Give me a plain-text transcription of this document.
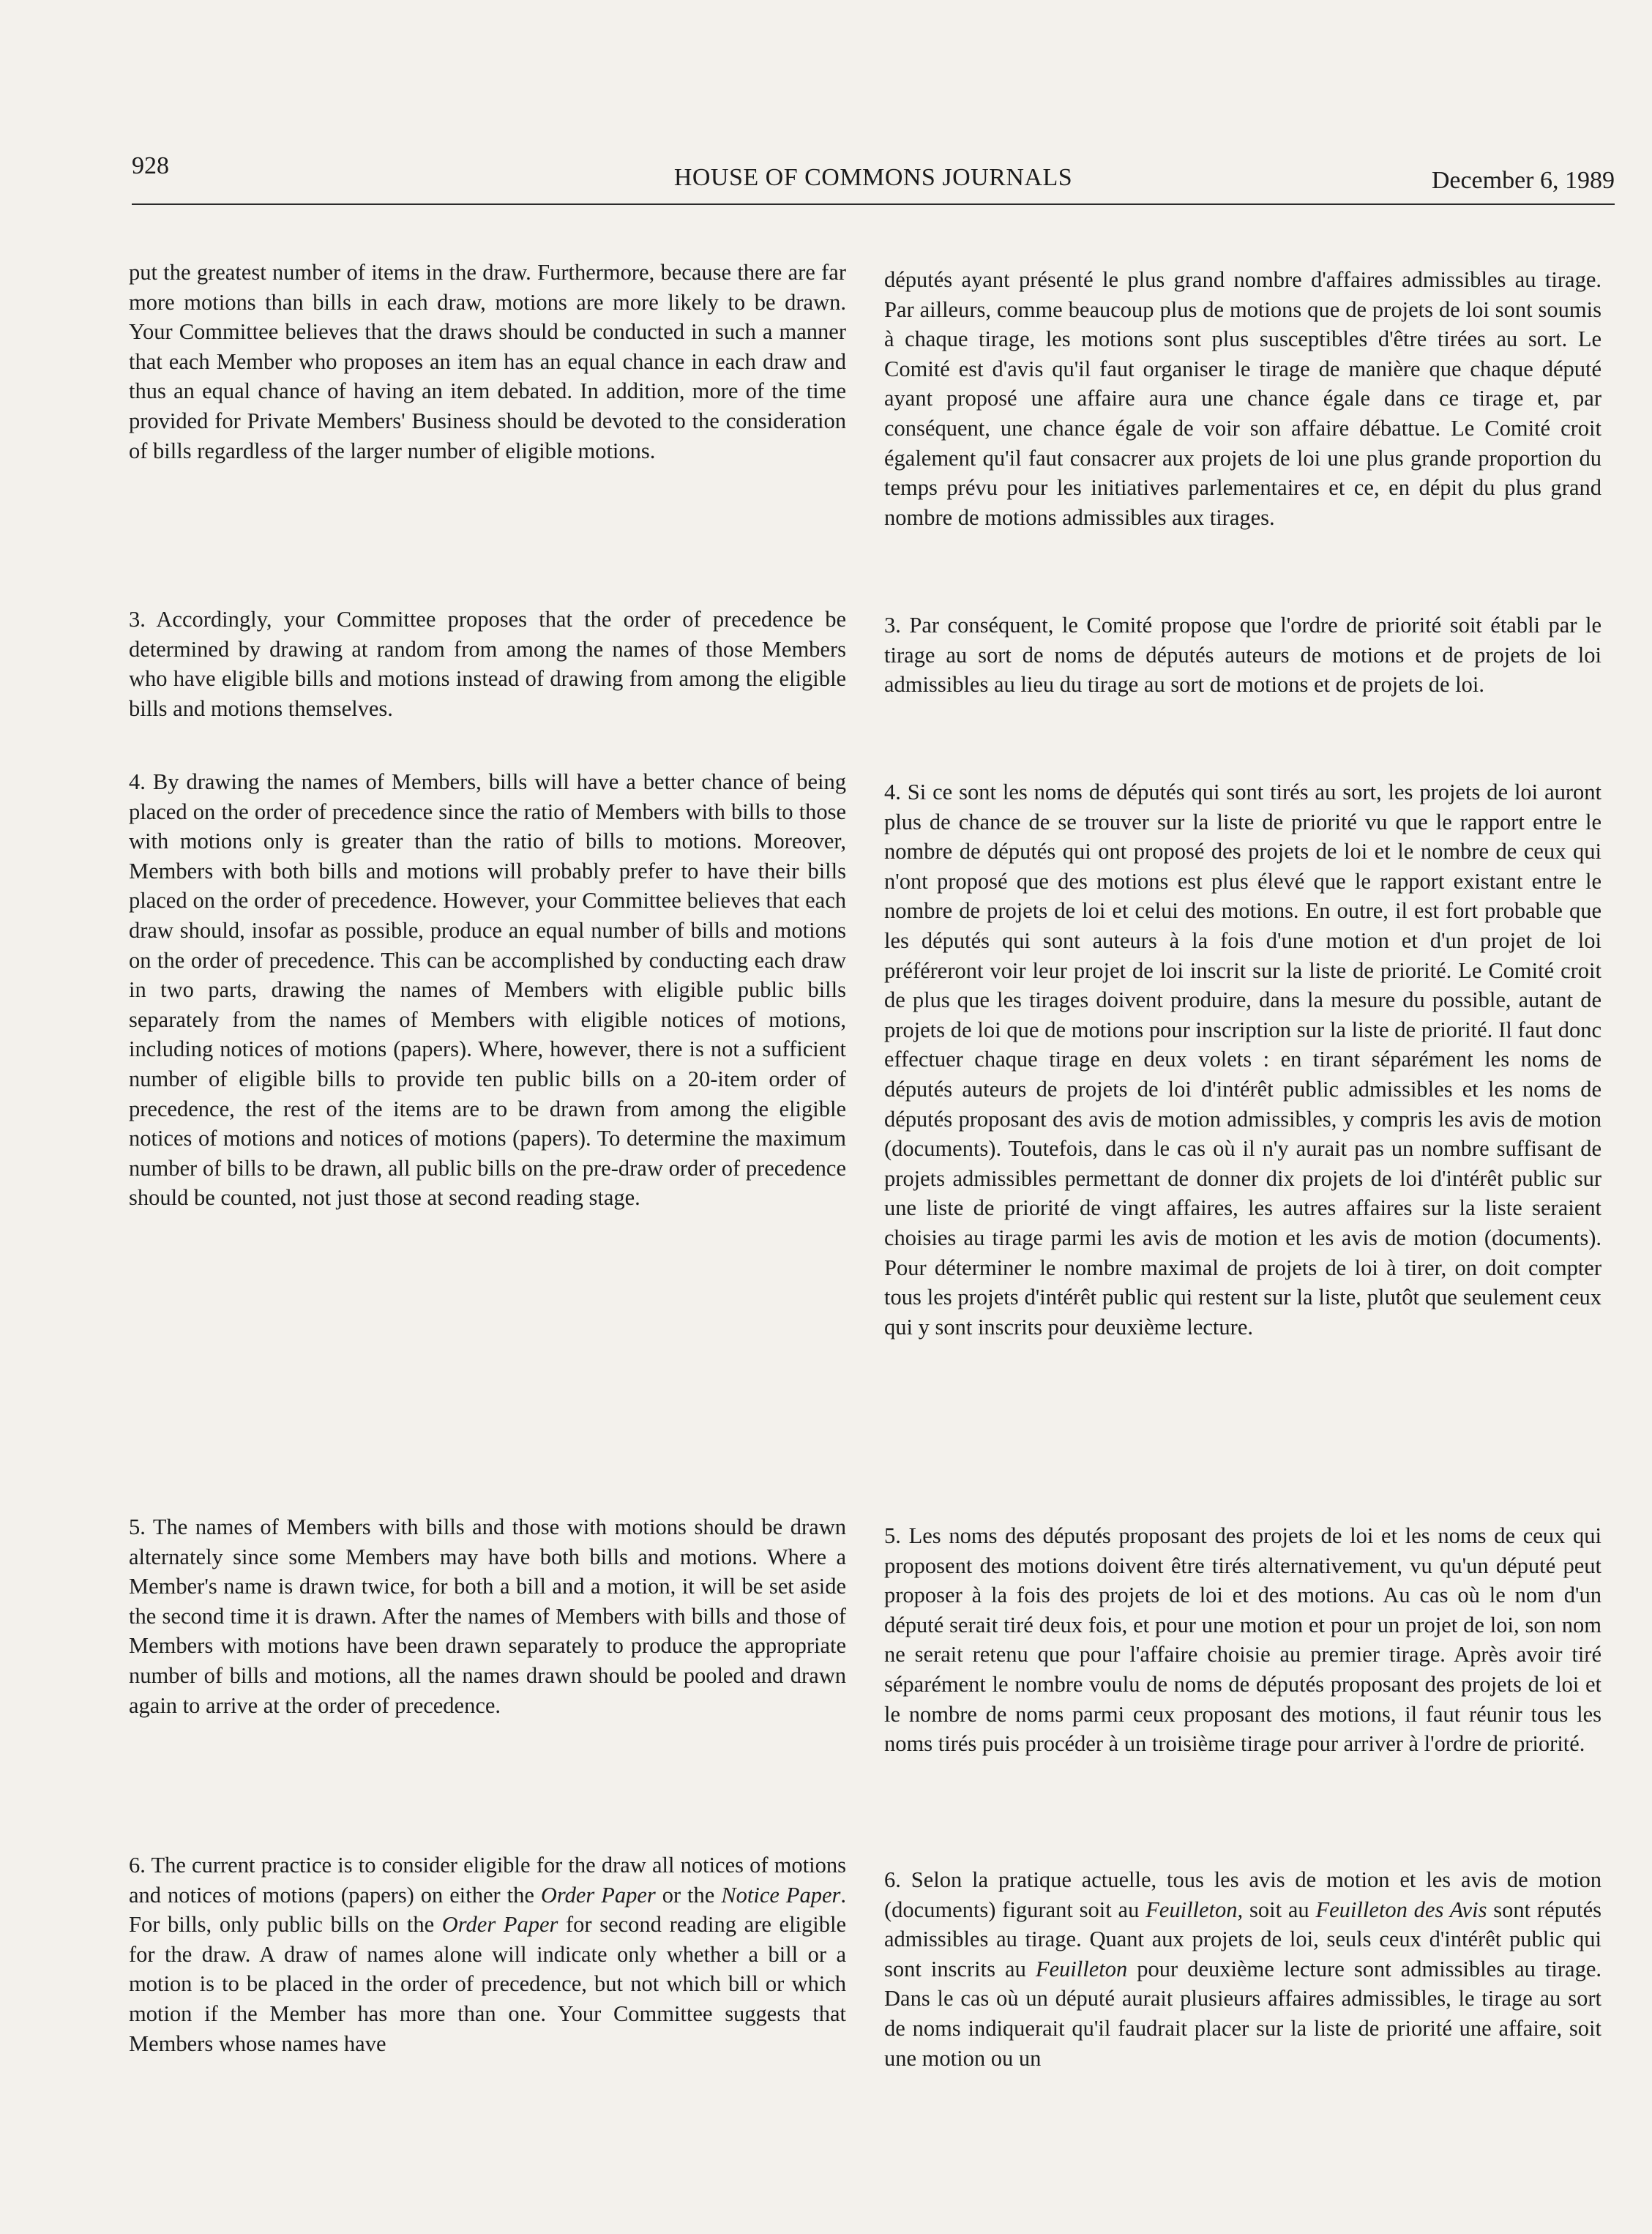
928	HOUSE OF COMMONS JOURNALS	December 6, 1989

put the greatest number of items in the draw. Furthermore, because there are far more motions than bills in each draw, motions are more likely to be drawn. Your Committee believes that the draws should be conducted in such a manner that each Member who proposes an item has an equal chance in each draw and thus an equal chance of having an item debated. In addition, more of the time provided for Private Members' Business should be devoted to the consideration of bills regardless of the larger number of eligible motions.

3. Accordingly, your Committee proposes that the order of precedence be determined by drawing at random from among the names of those Members who have eligible bills and motions instead of drawing from among the eligible bills and motions themselves.

4. By drawing the names of Members, bills will have a better chance of being placed on the order of precedence since the ratio of Members with bills to those with motions only is greater than the ratio of bills to motions. Moreover, Members with both bills and motions will probably prefer to have their bills placed on the order of precedence. However, your Committee believes that each draw should, insofar as possible, produce an equal number of bills and motions on the order of precedence. This can be accomplished by conducting each draw in two parts, drawing the names of Members with eligible public bills separately from the names of Members with eligible notices of motions, including notices of motions (papers). Where, however, there is not a sufficient number of eligible bills to provide ten public bills on a 20-item order of precedence, the rest of the items are to be drawn from among the eligible notices of motions and notices of motions (papers). To determine the maximum number of bills to be drawn, all public bills on the pre-draw order of precedence should be counted, not just those at second reading stage.

5. The names of Members with bills and those with motions should be drawn alternately since some Members may have both bills and motions. Where a Member's name is drawn twice, for both a bill and a motion, it will be set aside the second time it is drawn. After the names of Members with bills and those of Members with motions have been drawn separately to produce the appropriate number of bills and motions, all the names drawn should be pooled and drawn again to arrive at the order of precedence.

6. The current practice is to consider eligible for the draw all notices of motions and notices of motions (papers) on either the Order Paper or the Notice Paper. For bills, only public bills on the Order Paper for second reading are eligible for the draw. A draw of names alone will indicate only whether a bill or a motion is to be placed in the order of precedence, but not which bill or which motion if the Member has more than one. Your Committee suggests that Members whose names have

députés ayant présenté le plus grand nombre d'affaires admissibles au tirage. Par ailleurs, comme beaucoup plus de motions que de projets de loi sont soumis à chaque tirage, les motions sont plus susceptibles d'être tirées au sort. Le Comité est d'avis qu'il faut organiser le tirage de manière que chaque député ayant proposé une affaire aura une chance égale dans ce tirage et, par conséquent, une chance égale de voir son affaire débattue. Le Comité croit également qu'il faut consacrer aux projets de loi une plus grande proportion du temps prévu pour les initiatives parlementaires et ce, en dépit du plus grand nombre de motions admissibles aux tirages.

3. Par conséquent, le Comité propose que l'ordre de priorité soit établi par le tirage au sort de noms de députés auteurs de motions et de projets de loi admissibles au lieu du tirage au sort de motions et de projets de loi.

4. Si ce sont les noms de députés qui sont tirés au sort, les projets de loi auront plus de chance de se trouver sur la liste de priorité vu que le rapport entre le nombre de députés qui ont proposé des projets de loi et le nombre de ceux qui n'ont proposé que des motions est plus élevé que le rapport existant entre le nombre de projets de loi et celui des motions. En outre, il est fort probable que les députés qui sont auteurs à la fois d'une motion et d'un projet de loi préféreront voir leur projet de loi inscrit sur la liste de priorité. Le Comité croit de plus que les tirages doivent produire, dans la mesure du possible, autant de projets de loi que de motions pour inscription sur la liste de priorité. Il faut donc effectuer chaque tirage en deux volets : en tirant séparément les noms de députés auteurs de projets de loi d'intérêt public admissibles et les noms de députés proposant des avis de motion admissibles, y compris les avis de motion (documents). Toutefois, dans le cas où il n'y aurait pas un nombre suffisant de projets admissibles permettant de donner dix projets de loi d'intérêt public sur une liste de priorité de vingt affaires, les autres affaires sur la liste seraient choisies au tirage parmi les avis de motion et les avis de motion (documents). Pour déterminer le nombre maximal de projets de loi à tirer, on doit compter tous les projets d'intérêt public qui restent sur la liste, plutôt que seulement ceux qui y sont inscrits pour deuxième lecture.

5. Les noms des députés proposant des projets de loi et les noms de ceux qui proposent des motions doivent être tirés alternativement, vu qu'un député peut proposer à la fois des projets de loi et des motions. Au cas où le nom d'un député serait tiré deux fois, et pour une motion et pour un projet de loi, son nom ne serait retenu que pour l'affaire choisie au premier tirage. Après avoir tiré séparément le nombre voulu de noms de députés proposant des projets de loi et le nombre de noms parmi ceux proposant des motions, il faut réunir tous les noms tirés puis procéder à un troisième tirage pour arriver à l'ordre de priorité.

6. Selon la pratique actuelle, tous les avis de motion et les avis de motion (documents) figurant soit au Feuilleton, soit au Feuilleton des Avis sont réputés admissibles au tirage. Quant aux projets de loi, seuls ceux d'intérêt public qui sont inscrits au Feuilleton pour deuxième lecture sont admissibles au tirage. Dans le cas où un député aurait plusieurs affaires admissibles, le tirage au sort de noms indiquerait qu'il faudrait placer sur la liste de priorité une affaire, soit une motion ou un
